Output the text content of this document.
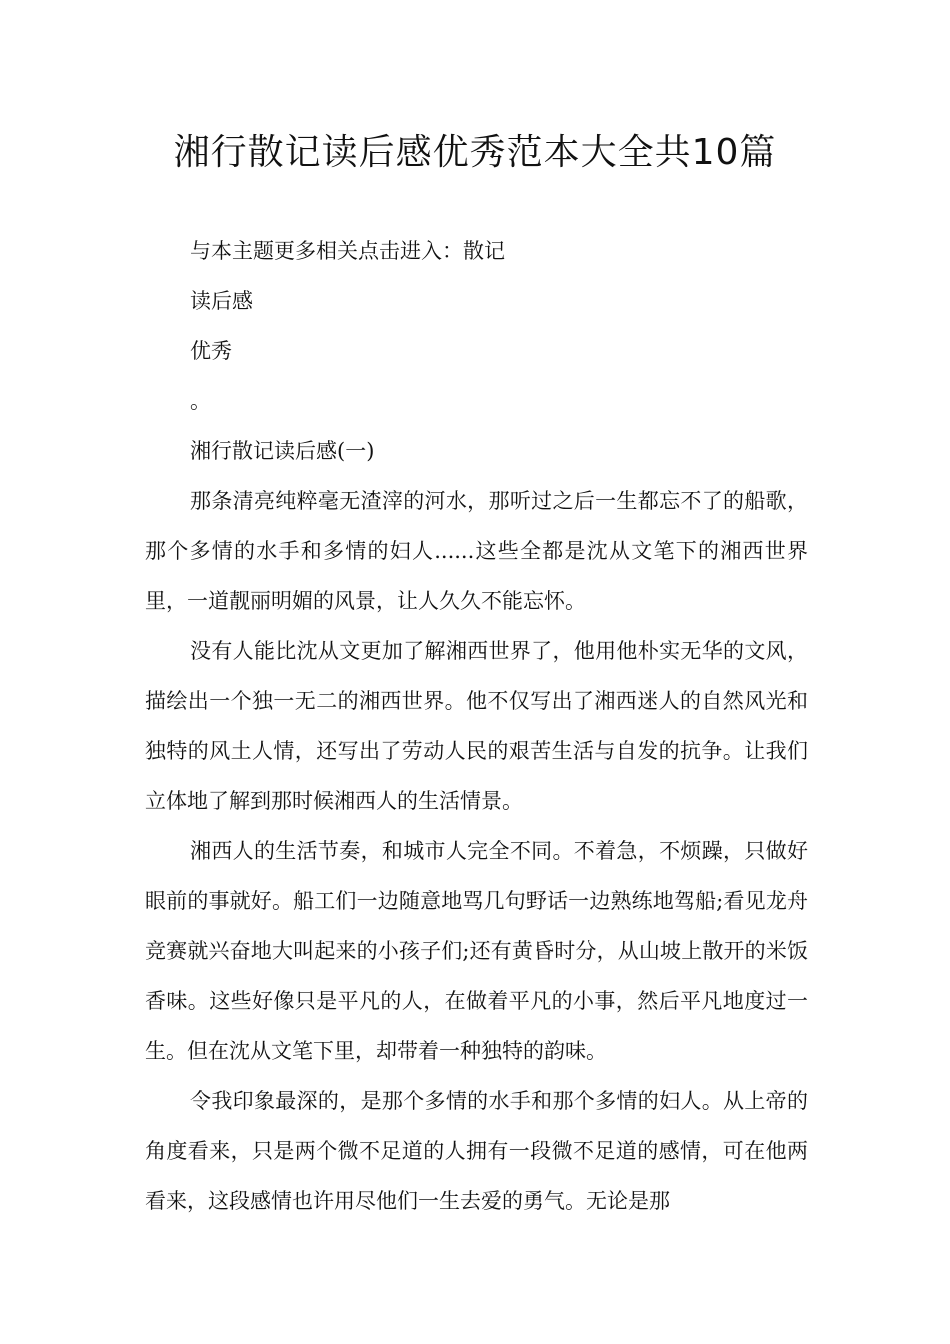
湘行散记读后感优秀范本大全共10篇

与本主题更多相关点击进入：散记

读后感

优秀

。

湘行散记读后感(一)

那条清亮纯粹毫无渣滓的河水，那听过之后一生都忘不了的船歌，那个多情的水手和多情的妇人......这些全都是沈从文笔下的湘西世界里，一道靓丽明媚的风景，让人久久不能忘怀。

没有人能比沈从文更加了解湘西世界了，他用他朴实无华的文风，描绘出一个独一无二的湘西世界。他不仅写出了湘西迷人的自然风光和独特的风土人情，还写出了劳动人民的艰苦生活与自发的抗争。让我们立体地了解到那时候湘西人的生活情景。

湘西人的生活节奏，和城市人完全不同。不着急，不烦躁，只做好眼前的事就好。船工们一边随意地骂几句野话一边熟练地驾船;看见龙舟竞赛就兴奋地大叫起来的小孩子们;还有黄昏时分，从山坡上散开的米饭香味。这些好像只是平凡的人，在做着平凡的小事，然后平凡地度过一生。但在沈从文笔下里，却带着一种独特的韵味。

令我印象最深的，是那个多情的水手和那个多情的妇人。从上帝的角度看来，只是两个微不足道的人拥有一段微不足道的感情，可在他两看来，这段感情也许用尽他们一生去爱的勇气。无论是那
